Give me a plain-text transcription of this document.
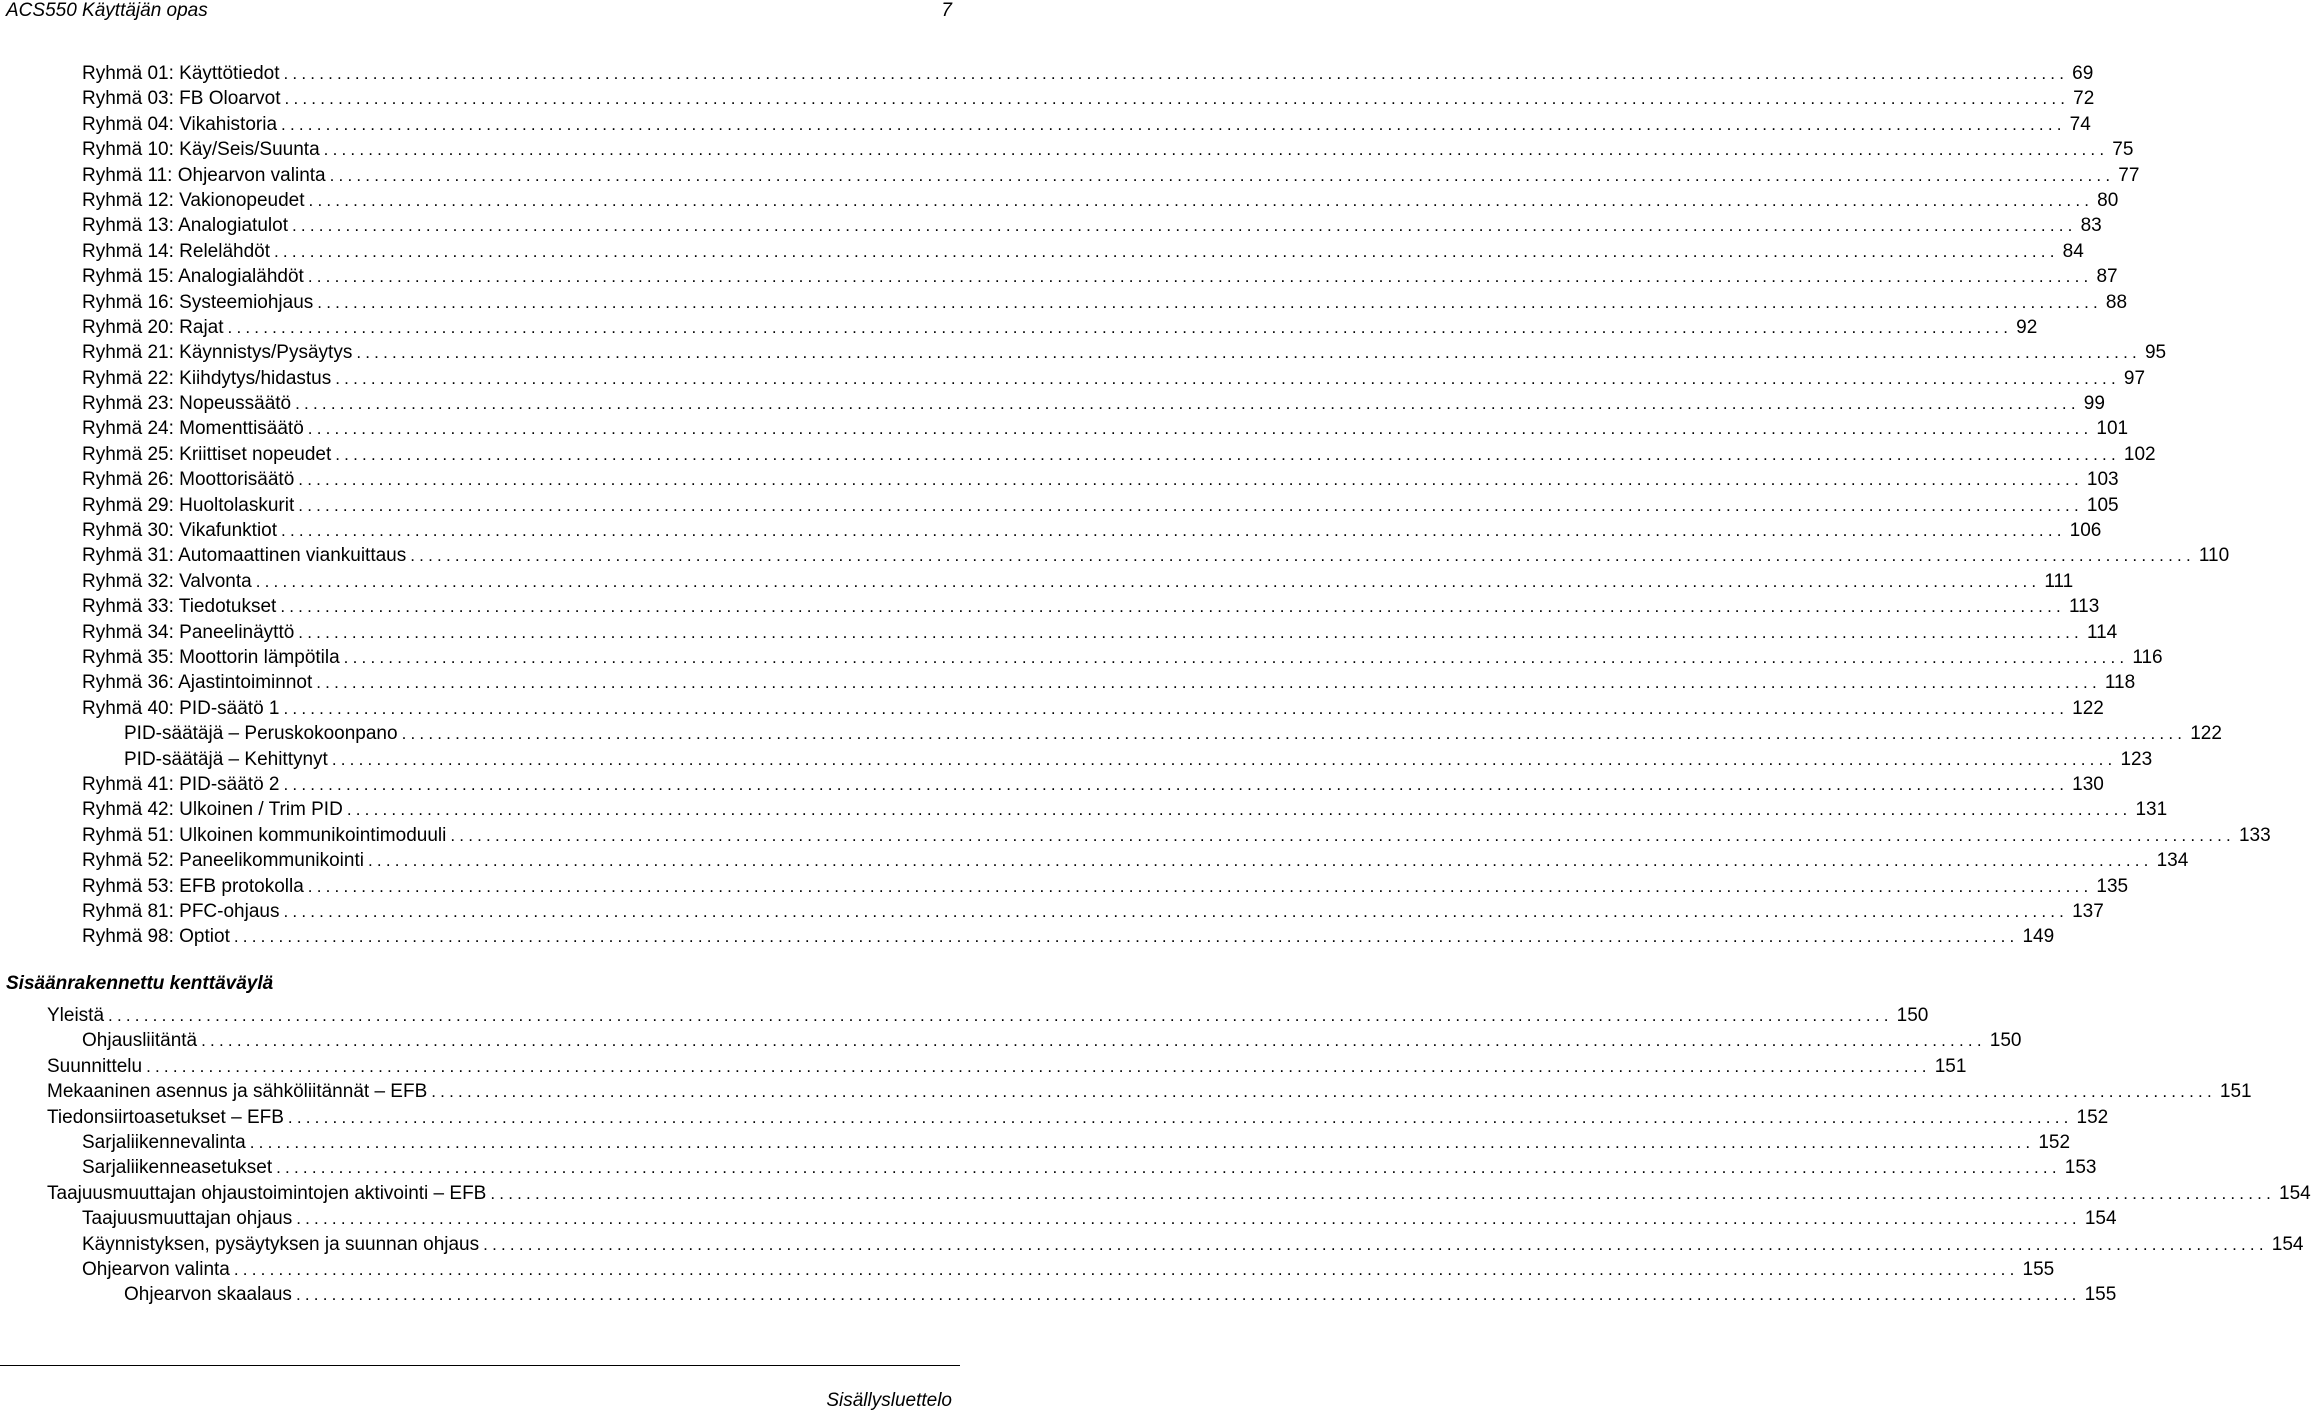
ACS550 Käyttäjän opas	7
Ryhmä 01: Käyttötiedot ........................................................................................................................................................................................................ 69
Ryhmä 03: FB Oloarvot ........................................................................................................................................................................................................ 72
Ryhmä 04: Vikahistoria ........................................................................................................................................................................................................ 74
Ryhmä 10: Käy/Seis/Suunta ........................................................................................................................................................................................................ 75
Ryhmä 11: Ohjearvon valinta ........................................................................................................................................................................................................ 77
Ryhmä 12: Vakionopeudet ........................................................................................................................................................................................................ 80
Ryhmä 13: Analogiatulot ........................................................................................................................................................................................................ 83
Ryhmä 14: Relelähdöt ........................................................................................................................................................................................................ 84
Ryhmä 15: Analogialähdöt ........................................................................................................................................................................................................ 87
Ryhmä 16: Systeemiohjaus ........................................................................................................................................................................................................ 88
Ryhmä 20: Rajat ........................................................................................................................................................................................................ 92
Ryhmä 21: Käynnistys/Pysäytys ........................................................................................................................................................................................................ 95
Ryhmä 22: Kiihdytys/hidastus ........................................................................................................................................................................................................ 97
Ryhmä 23: Nopeussäätö ........................................................................................................................................................................................................ 99
Ryhmä 24: Momenttisäätö ........................................................................................................................................................................................................ 101
Ryhmä 25: Kriittiset nopeudet ........................................................................................................................................................................................................ 102
Ryhmä 26: Moottorisäätö ........................................................................................................................................................................................................ 103
Ryhmä 29: Huoltolaskurit ........................................................................................................................................................................................................ 105
Ryhmä 30: Vikafunktiot ........................................................................................................................................................................................................ 106
Ryhmä 31: Automaattinen viankuittaus ........................................................................................................................................................................................................ 110
Ryhmä 32: Valvonta ........................................................................................................................................................................................................ 111
Ryhmä 33: Tiedotukset ........................................................................................................................................................................................................ 113
Ryhmä 34: Paneelinäyttö ........................................................................................................................................................................................................ 114
Ryhmä 35: Moottorin lämpötila ........................................................................................................................................................................................................ 116
Ryhmä 36: Ajastintoiminnot ........................................................................................................................................................................................................ 118
Ryhmä 40: PID-säätö 1 ........................................................................................................................................................................................................ 122
PID-säätäjä – Peruskokoonpano ........................................................................................................................................................................................................ 122
PID-säätäjä – Kehittynyt ........................................................................................................................................................................................................ 123
Ryhmä 41: PID-säätö 2 ........................................................................................................................................................................................................ 130
Ryhmä 42: Ulkoinen / Trim PID ........................................................................................................................................................................................................ 131
Ryhmä 51: Ulkoinen kommunikointimoduuli ........................................................................................................................................................................................................ 133
Ryhmä 52: Paneelikommunikointi ........................................................................................................................................................................................................ 134
Ryhmä 53: EFB protokolla ........................................................................................................................................................................................................ 135
Ryhmä 81: PFC-ohjaus ........................................................................................................................................................................................................ 137
Ryhmä 98: Optiot ........................................................................................................................................................................................................ 149
Sisäänrakennettu kenttäväylä
Yleistä ........................................................................................................................................................................................................ 150
Ohjausliitäntä ........................................................................................................................................................................................................ 150
Suunnittelu ........................................................................................................................................................................................................ 151
Mekaaninen asennus ja sähköliitännät – EFB ........................................................................................................................................................................................................ 151
Tiedonsiirtoasetukset – EFB ........................................................................................................................................................................................................ 152
Sarjaliikennevalinta ........................................................................................................................................................................................................ 152
Sarjaliikenneasetukset ........................................................................................................................................................................................................ 153
Taajuusmuuttajan ohjaustoimintojen aktivointi – EFB ........................................................................................................................................................................................................ 154
Taajuusmuuttajan ohjaus ........................................................................................................................................................................................................ 154
Käynnistyksen, pysäytyksen ja suunnan ohjaus ........................................................................................................................................................................................................ 154
Ohjearvon valinta ........................................................................................................................................................................................................ 155
Ohjearvon skaalaus ........................................................................................................................................................................................................ 155
Sisällysluettelo
